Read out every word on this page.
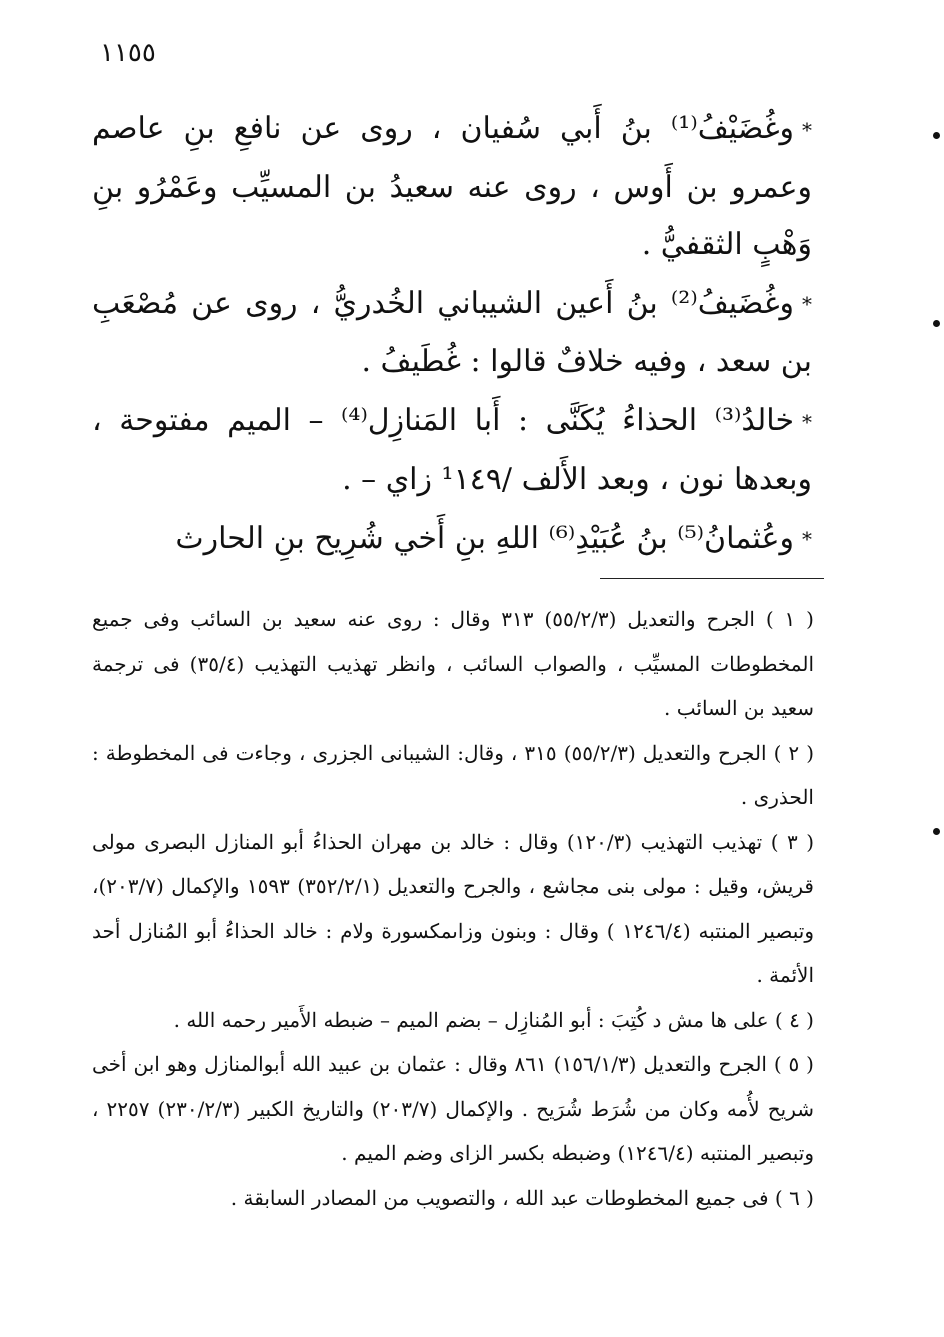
١١٥٥

*وغُضَيْفُ⁽¹⁾ بنُ أَبي سُفيان ، روى عن نافعِ بنِ عاصم وعمرو بن أَوس ، روى عنه سعيدُ بن المسيِّب وعَمْرُو بنِ وَهْبٍ الثقفيُّ .

*وغُضَيفُ⁽²⁾ بنُ أَعين الشيباني الخُدريُّ ، روى عن مُصْعَبِ بن سعد ، وفيه خلافٌ قالوا : غُطَيفُ .

*خالدُ⁽³⁾ الحذاءُ يُكَنَّى : أَبا المَنازِل⁽⁴⁾ – الميم مفتوحة ، وبعدها نون ، وبعد الأَلف /¹١٤٩ زاي – .

*وعُثمانُ⁽⁵⁾ بنُ عُبَيْدِ⁽⁶⁾ اللهِ بنِ أَخي شُرِيح بنِ الحارث

( ١ ) الجرح والتعديل (٥٥/٢/٣) ٣١٣ وقال : روى عنه سعيد بن السائب وفى جميع المخطوطات المسيِّب ، والصواب السائب ، وانظر تهذيب التهذيب (٣٥/٤) فى ترجمة سعيد بن السائب .

( ٢ ) الجرح والتعديل (٥٥/٢/٣) ٣١٥ ، وقال: الشيبانى الجزرى ، وجاءت فى المخطوطة : الحذرى .

( ٣ ) تهذيب التهذيب (١٢٠/٣) وقال : خالد بن مهران الحذاءُ أبو المنازل البصرى مولى قريش، وقيل : مولى بنى مجاشع ، والجرح والتعديل (٣٥٢/٢/١) ١٥٩٣ والإكمال (٢٠٣/٧)، وتبصير المنتبه (١٢٤٦/٤ ) وقال : وبنون وزاىمكسورة ولام : خالد الحذاءُ أبو المُنازل أحد الأئمة .

( ٤ ) على ها مش د كُتِبَ : أبو المُنازِل – بضم الميم – ضبطه الأَمير رحمه الله .

( ٥ ) الجرح والتعديل (١٥٦/١/٣) ٨٦١ وقال : عثمان بن عبيد الله أبوالمنازل وهو ابن أخى شريح لأُمه وكان من شُرَط شُرَيح . والإكمال (٢٠٣/٧) والتاريخ الكبير (٢٣٠/٢/٣) ٢٢٥٧ ، وتبصير المنتبه (١٢٤٦/٤) وضبطه بكسر الزاى وضم الميم .

( ٦ ) فى جميع المخطوطات عبد الله ، والتصويب من المصادر السابقة .
